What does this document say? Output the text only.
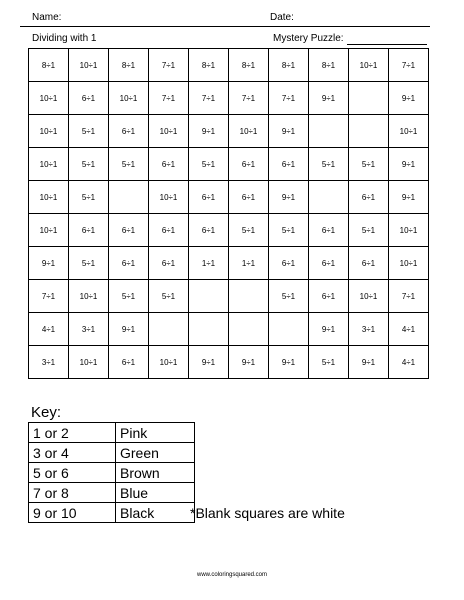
Name:	Date:
Dividing with 1	Mystery Puzzle:
8÷1	10÷1	8÷1	7÷1	8÷1	8÷1	8÷1	8÷1	10÷1	7÷1
10÷1	6÷1	10÷1	7÷1	7÷1	7÷1	7÷1	9÷1		9÷1
10÷1	5÷1	6÷1	10÷1	9÷1	10÷1	9÷1			10÷1
10÷1	5÷1	5÷1	6÷1	5÷1	6÷1	6÷1	5÷1	5÷1	9÷1
10÷1	5÷1		10÷1	6÷1	6÷1	9÷1		6÷1	9÷1
10÷1	6÷1	6÷1	6÷1	6÷1	5÷1	5÷1	6÷1	5÷1	10÷1
9÷1	5÷1	6÷1	6÷1	1÷1	1÷1	6÷1	6÷1	6÷1	10÷1
7÷1	10÷1	5÷1	5÷1			5÷1	6÷1	10÷1	7÷1
4÷1	3÷1	9÷1					9÷1	3÷1	4÷1
3÷1	10÷1	6÷1	10÷1	9÷1	9÷1	9÷1	5÷1	9÷1	4÷1
Key:
1 or 2	Pink
3 or 4	Green
5 or 6	Brown
7 or 8	Blue
9 or 10	Black	*Blank squares are white
www.coloringsquared.com
